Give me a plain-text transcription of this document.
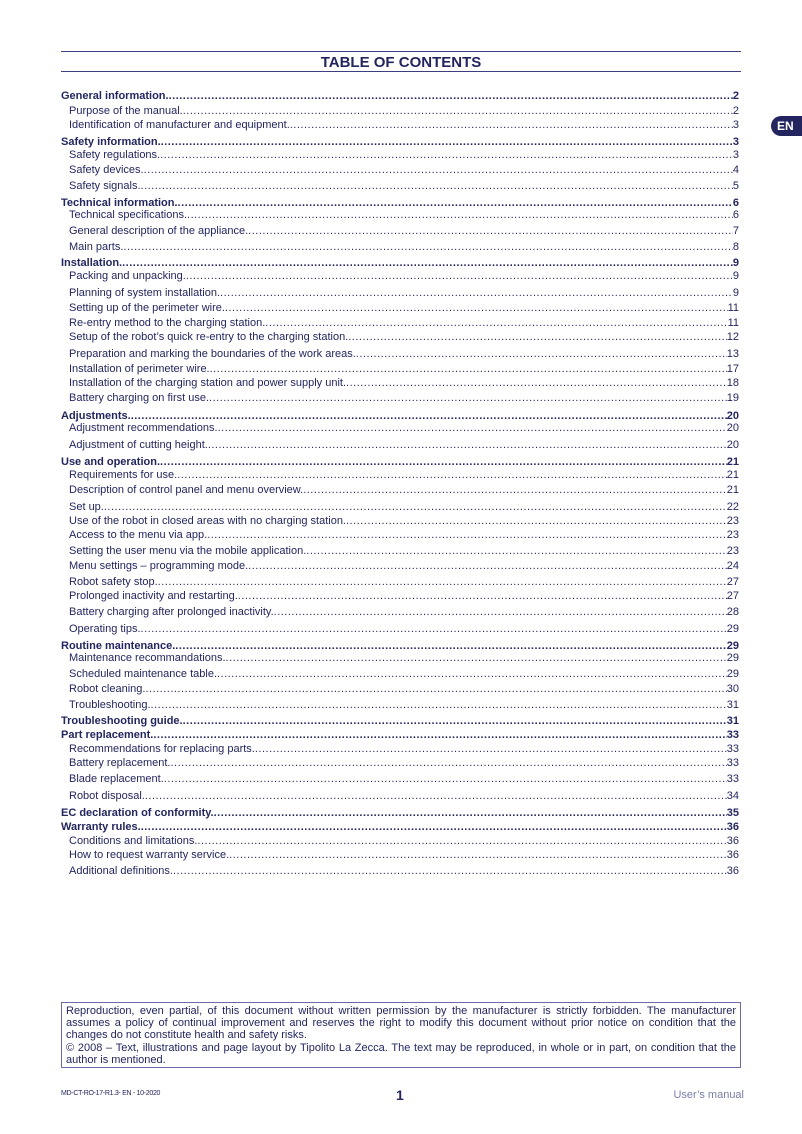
TABLE OF CONTENTS
General information. .....	2
Purpose of the manual. .....	2
Identification of manufacturer and equipment. .....	3
Safety information. .....	3
Safety regulations. .....	3
Safety devices. .....	4
Safety signals. .....	5
Technical information. .....	6
Technical specifications. .....	6
General description of the appliance. .....	7
Main parts. .....	8
Installation. .....	9
Packing and unpacking. .....	9
Planning of system installation. .....	9
Setting up of the perimeter wire. .....	11
Re-entry method to the charging station. .....	11
Setup of the robot’s quick re-entry to the charging station. .....	12
Preparation and marking the boundaries of the work areas. .....	13
Installation of perimeter wire. .....	17
Installation of the charging station and power supply unit. .....	18
Battery charging on first use. .....	19
Adjustments. .....	20
Adjustment recommendations. .....	20
Adjustment of cutting height. .....	20
Use and operation. .....	21
Requirements for use. .....	21
Description of control panel and menu overview. .....	21
Set up. .....	22
Use of the robot in closed areas with no charging station. .....	23
Access to the menu via app. .....	23
Setting the user menu via the mobile application. .....	23
Menu settings – programming mode. .....	24
Robot safety stop. .....	27
Prolonged inactivity and restarting. .....	27
Battery charging after prolonged inactivity. .....	28
Operating tips. .....	29
Routine maintenance. .....	29
Maintenance recommandations. .....	29
Scheduled maintenance table. .....	29
Robot cleaning. .....	30
Troubleshooting. .....	31
Troubleshooting guide. .....	31
Part replacement. .....	33
Recommendations for replacing parts. .....	33
Battery replacement. .....	33
Blade replacement. .....	33
Robot disposal. .....	34
EC declaration of conformity. .....	35
Warranty rules. .....	36
Conditions and limitations. .....	36
How to request warranty service. .....	36
Additional definitions. .....	36
EN

Reproduction, even partial, of this document without written permission by the manufacturer is strictly forbidden. The manufacturer assumes a policy of continual improvement and reserves the right to modify this document without prior notice on condition that the changes do not constitute health and safety risks.

© 2008 – Text, illustrations and page layout by Tipolito La Zecca. The text may be reproduced, in whole or in part, on condition that the author is mentioned.

MD-CT-RO-17-R1.3- EN - 10-2020	1	User’s manual
